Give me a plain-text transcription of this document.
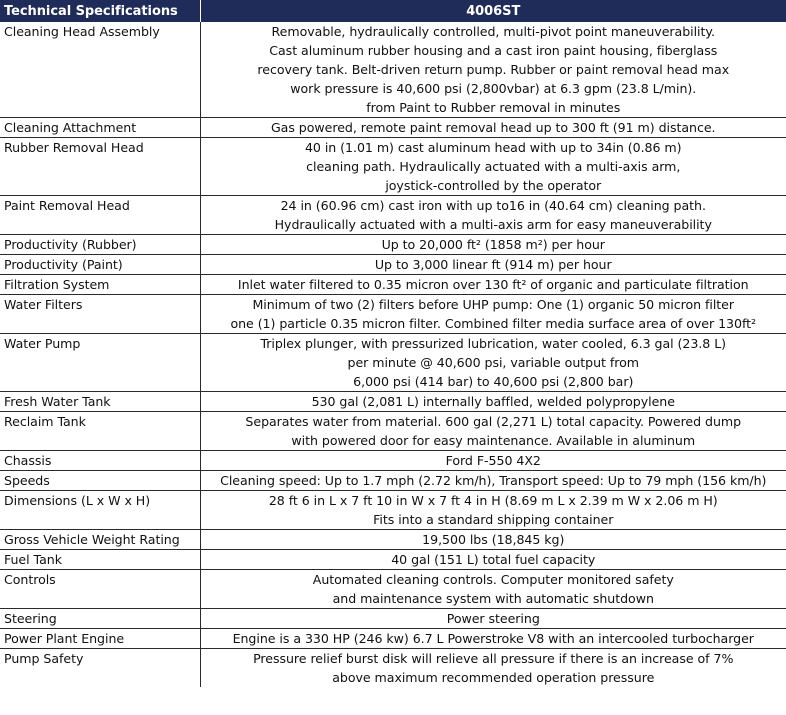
Technical Specifications	4006ST
Cleaning Head Assembly	Removable, hydraulically controlled, multi-pivot point maneuverability.
Cast aluminum rubber housing and a cast iron paint housing, fiberglass
recovery tank. Belt-driven return pump. Rubber or paint removal head max
work pressure is 40,600 psi (2,800vbar) at 6.3 gpm (23.8 L/min).
from Paint to Rubber removal in minutes
Cleaning Attachment	Gas powered, remote paint removal head up to 300 ft (91 m) distance.
Rubber Removal Head	40 in (1.01 m) cast aluminum head with up to 34in (0.86 m)
cleaning path. Hydraulically actuated with a multi-axis arm,
joystick-controlled by the operator
Paint Removal Head	24 in (60.96 cm) cast iron with up to16 in (40.64 cm) cleaning path.
Hydraulically actuated with a multi-axis arm for easy maneuverability
Productivity (Rubber)	Up to 20,000 ft² (1858 m²) per hour
Productivity (Paint)	Up to 3,000 linear ft (914 m) per hour
Filtration System	Inlet water filtered to 0.35 micron over 130 ft² of organic and particulate filtration
Water Filters	Minimum of two (2) filters before UHP pump: One (1) organic 50 micron filter
one (1) particle 0.35 micron filter. Combined filter media surface area of over 130ft²
Water Pump	Triplex plunger, with pressurized lubrication, water cooled, 6.3 gal (23.8 L)
per minute @ 40,600 psi, variable output from
6,000 psi (414 bar) to 40,600 psi (2,800 bar)
Fresh Water Tank	530 gal (2,081 L) internally baffled, welded polypropylene
Reclaim Tank	Separates water from material. 600 gal (2,271 L) total capacity. Powered dump
with powered door for easy maintenance. Available in aluminum
Chassis	Ford F-550 4X2
Speeds	Cleaning speed: Up to 1.7 mph (2.72 km/h), Transport speed: Up to 79 mph (156 km/h)
Dimensions (L x W x H)	28 ft 6 in L x 7 ft 10 in W x 7 ft 4 in H (8.69 m L x 2.39 m W x 2.06 m H)
Fits into a standard shipping container
Gross Vehicle Weight Rating	19,500 lbs (18,845 kg)
Fuel Tank	40 gal (151 L) total fuel capacity
Controls	Automated cleaning controls. Computer monitored safety
and maintenance system with automatic shutdown
Steering	Power steering
Power Plant Engine	Engine is a 330 HP (246 kw) 6.7 L Powerstroke V8 with an intercooled turbocharger
Pump Safety	Pressure relief burst disk will relieve all pressure if there is an increase of 7%
above maximum recommended operation pressure
